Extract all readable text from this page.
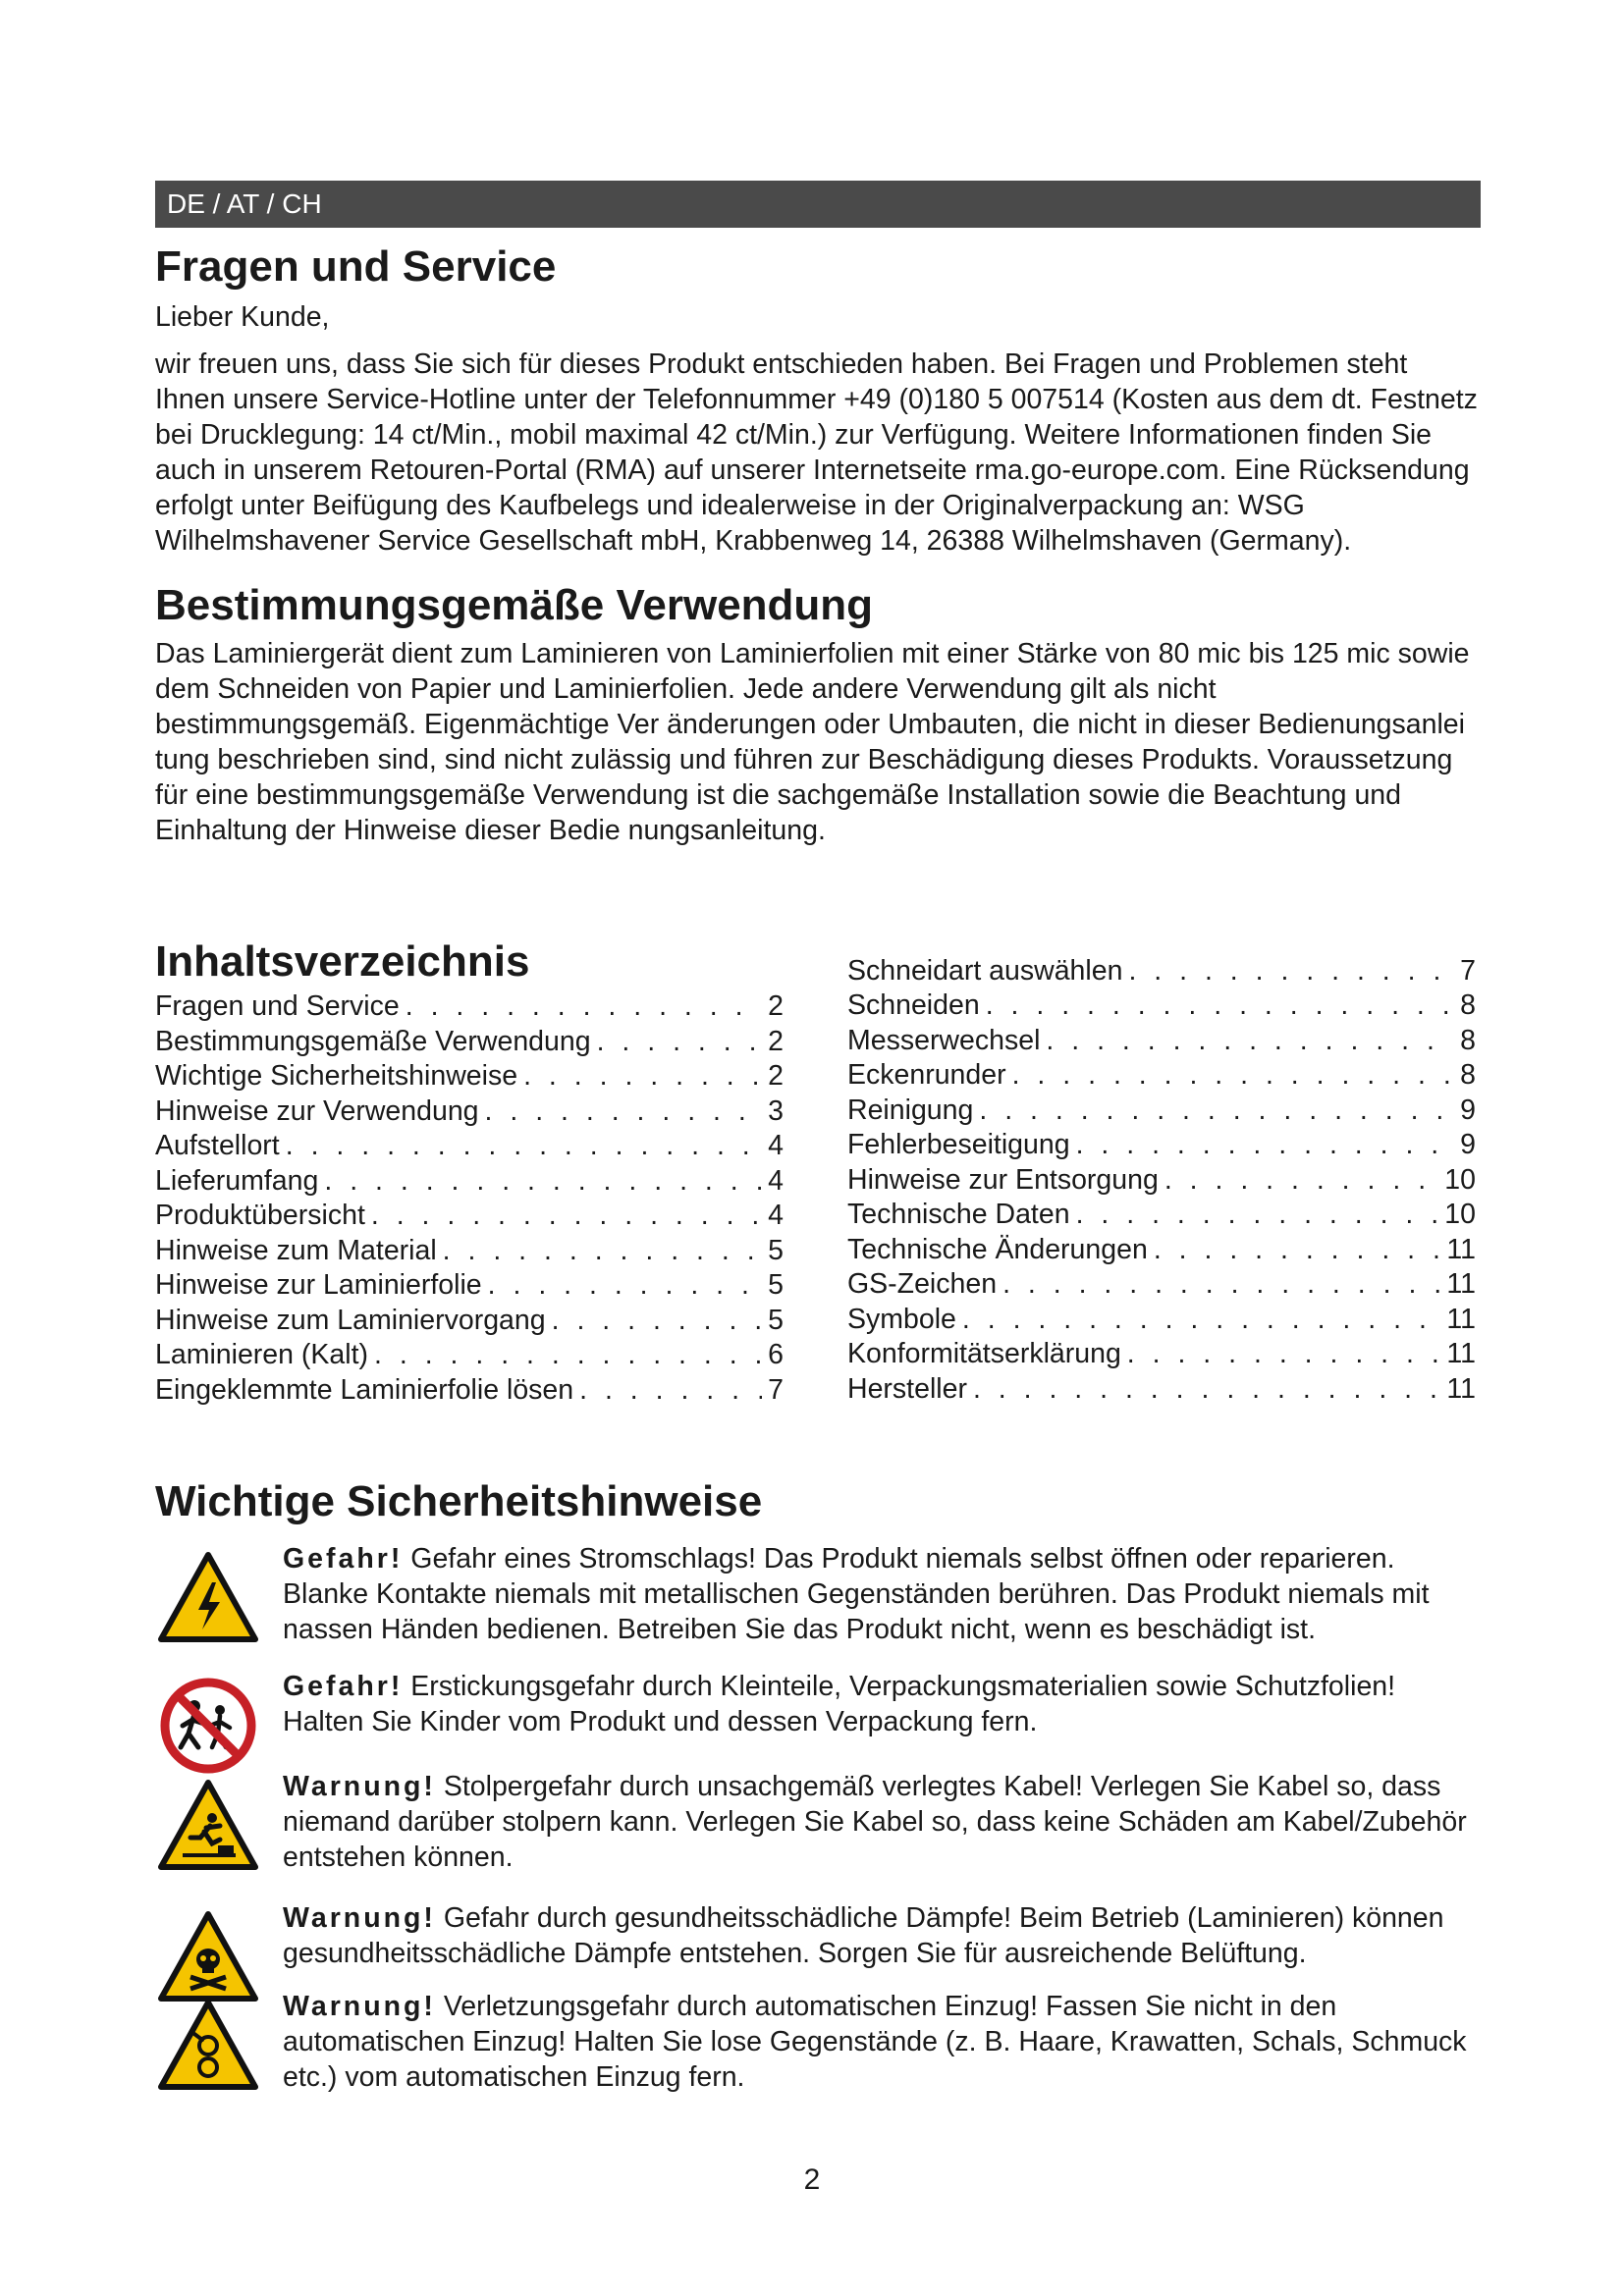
DE / AT / CH
Fragen und Service

Lieber Kunde,

wir freuen uns, dass Sie sich für dieses Produkt entschieden haben. Bei Fragen und Problemen steht Ihnen unsere Service-Hotline unter der Telefonnummer +49 (0)180 5 007514 (Kosten aus dem dt. Festnetz bei Drucklegung: 14 ct/Min., mobil maximal 42 ct/Min.) zur Verfügung. Weitere Informationen finden Sie auch in unserem Retouren-Portal (RMA) auf unserer Internetseite rma.go-europe.com. Eine Rücksendung erfolgt unter Beifügung des Kaufbelegs und idealerweise in der Originalverpackung an: WSG Wilhelmshavener Service Gesellschaft mbH, Krabbenweg 14, 26388 Wilhelmshaven (Germany).

Bestimmungsgemäße Verwendung

Das Laminiergerät dient zum Laminieren von Laminierfolien mit einer Stärke von 80 mic bis 125 mic sowie dem Schneiden von Papier und Laminierfolien. Jede andere Verwendung gilt als nicht bestimmungsgemäß. Eigenmächtige Ver änderungen oder Umbauten, die nicht in dieser Bedienungsanlei tung beschrieben sind, sind nicht zulässig und führen zur Beschädigung dieses Produkts. Voraussetzung für eine bestimmungsgemäße Verwendung ist die sachgemäße Installation sowie die Beachtung und Einhaltung der Hinweise dieser Bedie nungsanleitung.

Inhaltsverzeichnis
Fragen und Service . . .	2
Bestimmungsgemäße Verwendung . . .	2
Wichtige Sicherheitshinweise . . .	2
Hinweise zur Verwendung . . .	3
Aufstellort . . .	4
Lieferumfang . . .	4
Produktübersicht . . .	4
Hinweise zum Material . . .	5
Hinweise zur Laminierfolie . . .	5
Hinweise zum Laminiervorgang . . .	5
Laminieren (Kalt) . . .	6
Eingeklemmte Laminierfolie lösen . . .	7
Schneidart auswählen . . .	7
Schneiden . . .	8
Messerwechsel . . .	8
Eckenrunder . . .	8
Reinigung . . .	9
Fehlerbeseitigung . . .	9
Hinweise zur Entsorgung . . .	10
Technische Daten . . .	10
Technische Änderungen . . .	11
GS-Zeichen . . .	11
Symbole . . .	11
Konformitätserklärung . . .	11
Hersteller . . .	11
Wichtige Sicherheitshinweise

Gefahr! Gefahr eines Stromschlags! Das Produkt niemals selbst öffnen oder reparieren. Blanke Kontakte niemals mit metallischen Gegenständen berühren. Das Produkt niemals mit nassen Händen bedienen. Betreiben Sie das Produkt nicht, wenn es beschädigt ist.

Gefahr! Erstickungsgefahr durch Kleinteile, Verpackungsmaterialien sowie Schutzfolien! Halten Sie Kinder vom Produkt und dessen Verpackung fern.

Warnung! Stolpergefahr durch unsachgemäß verlegtes Kabel! Verlegen Sie Kabel so, dass niemand darüber stolpern kann. Verlegen Sie Kabel so, dass keine Schäden am Kabel/Zubehör entstehen können.

Warnung! Gefahr durch gesundheitsschädliche Dämpfe! Beim Betrieb (Laminieren) können gesundheitsschädliche Dämpfe entstehen. Sorgen Sie für ausreichende Belüftung.

Warnung! Verletzungsgefahr durch automatischen Einzug! Fassen Sie nicht in den automatischen Einzug! Halten Sie lose Gegenstände (z. B. Haare, Krawatten, Schals, Schmuck etc.) vom automatischen Einzug fern.

2
